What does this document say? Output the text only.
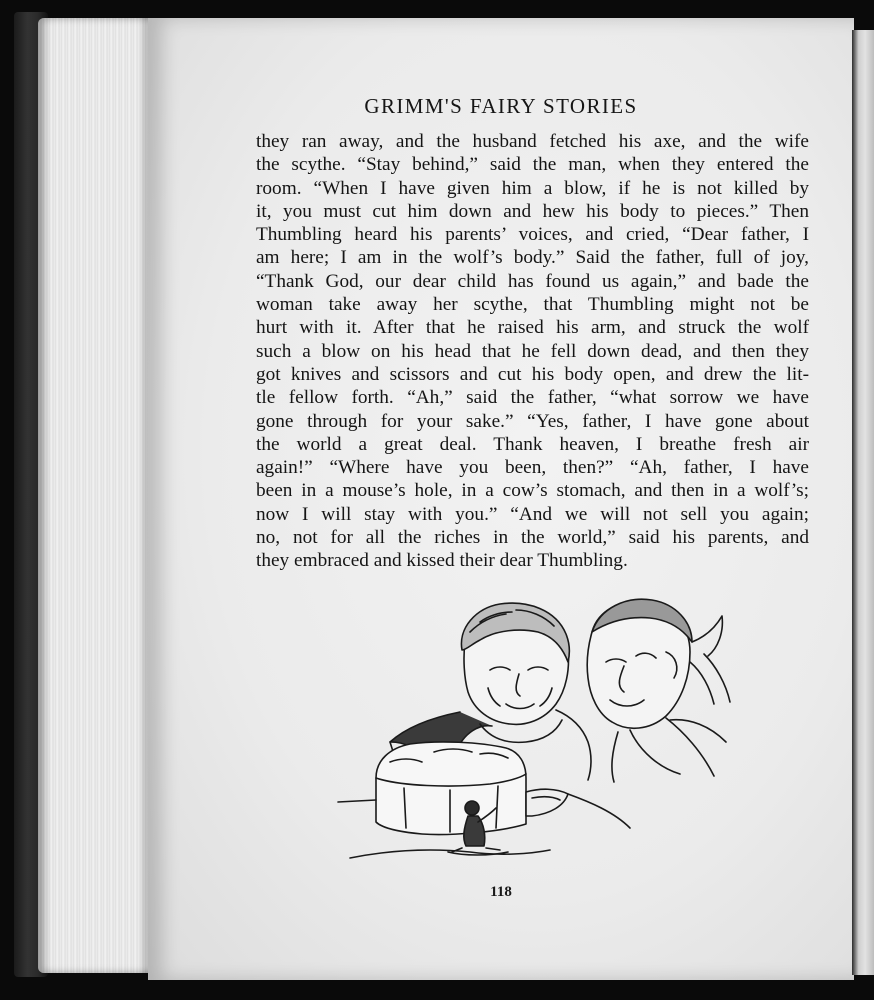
GRIMM'S FAIRY STORIES
they ran away, and the husband fetched his axe, and the wife
the scythe. “Stay behind,” said the man, when they entered the
room. “When I have given him a blow, if he is not killed by
it, you must cut him down and hew his body to pieces.” Then
Thumbling heard his parents’ voices, and cried, “Dear father, I
am here; I am in the wolf’s body.” Said the father, full of joy,
“Thank God, our dear child has found us again,” and bade the
woman take away her scythe, that Thumbling might not be
hurt with it. After that he raised his arm, and struck the wolf
such a blow on his head that he fell down dead, and then they
got knives and scissors and cut his body open, and drew the lit-
tle fellow forth. “Ah,” said the father, “what sorrow we have
gone through for your sake.” “Yes, father, I have gone about
the world a great deal. Thank heaven, I breathe fresh air
again!” “Where have you been, then?” “Ah, father, I have
been in a mouse’s hole, in a cow’s stomach, and then in a wolf’s;
now I will stay with you.” “And we will not sell you again;
no, not for all the riches in the world,” said his parents, and
they embraced and kissed their dear Thumbling.
118
